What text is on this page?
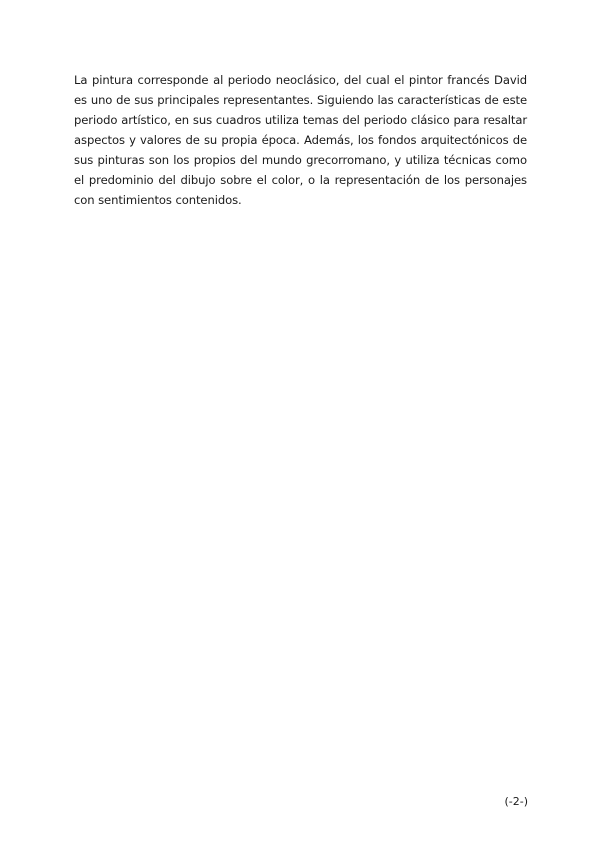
La pintura corresponde al periodo neoclásico, del cual el pintor francés David es uno de sus principales representantes. Siguiendo las características de este periodo artístico, en sus cuadros utiliza temas del periodo clásico para resaltar aspectos y valores de su propia época. Además, los fondos arquitectónicos de sus pinturas son los propios del mundo grecorromano, y utiliza técnicas como el predominio del dibujo sobre el color, o la representación de los personajes con sentimientos contenidos.

(-2-)
